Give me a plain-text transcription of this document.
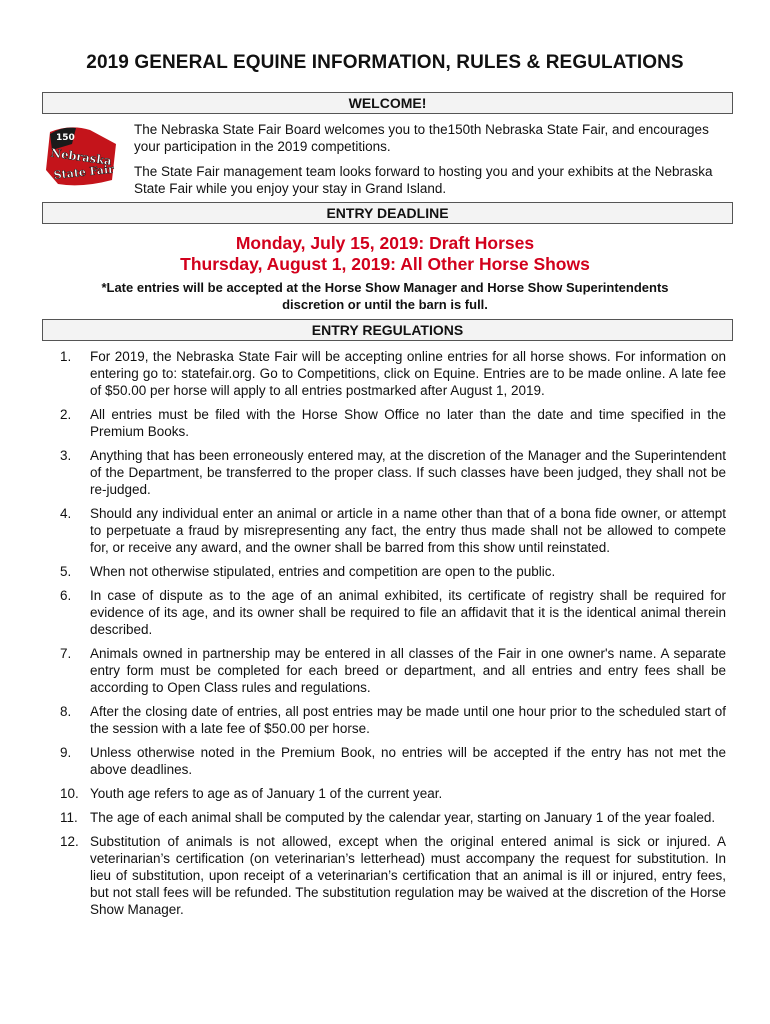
2019 GENERAL EQUINE INFORMATION, RULES & REGULATIONS
WELCOME!
150
Nebraska
State Fair

The Nebraska State Fair Board welcomes you to the150th Nebraska State Fair, and encourages your participation in the 2019 competitions.

The State Fair management team looks forward to hosting you and your exhibits at the Nebraska State Fair while you enjoy your stay in Grand Island.

ENTRY DEADLINE
Monday, July 15, 2019: Draft Horses
Thursday, August 1, 2019: All Other Horse Shows
*Late entries will be accepted at the Horse Show Manager and Horse Show Superintendents discretion or until the barn is full.
ENTRY REGULATIONS
1.	For 2019, the Nebraska State Fair will be accepting online entries for all horse shows. For information on entering go to: statefair.org. Go to Competitions, click on Equine. Entries are to be made online. A late fee of $50.00 per horse will apply to all entries postmarked after August 1, 2019.
2.	All entries must be filed with the Horse Show Office no later than the date and time specified in the Premium Books.
3.	Anything that has been erroneously entered may, at the discretion of the Manager and the Superintendent of the Department, be transferred to the proper class. If such classes have been judged, they shall not be re-judged.
4.	Should any individual enter an animal or article in a name other than that of a bona fide owner, or attempt to perpetuate a fraud by misrepresenting any fact, the entry thus made shall not be allowed to compete for, or receive any award, and the owner shall be barred from this show until reinstated.
5.	When not otherwise stipulated, entries and competition are open to the public.
6.	In case of dispute as to the age of an animal exhibited, its certificate of registry shall be required for evidence of its age, and its owner shall be required to file an affidavit that it is the identical animal therein described.
7.	Animals owned in partnership may be entered in all classes of the Fair in one owner's name. A separate entry form must be completed for each breed or department, and all entries and entry fees shall be according to Open Class rules and regulations.
8.	After the closing date of entries, all post entries may be made until one hour prior to the scheduled start of the session with a late fee of $50.00 per horse.
9.	Unless otherwise noted in the Premium Book, no entries will be accepted if the entry has not met the above deadlines.
10. Youth age refers to age as of January 1 of the current year.
11. The age of each animal shall be computed by the calendar year, starting on January 1 of the year foaled.
12. Substitution of animals is not allowed, except when the original entered animal is sick or injured. A veterinarian’s certification (on veterinarian’s letterhead) must accompany the request for substitution. In lieu of substitution, upon receipt of a veterinarian’s certification that an animal is ill or injured, entry fees, but not stall fees will be refunded. The substitution regulation may be waived at the discretion of the Horse Show Manager.
